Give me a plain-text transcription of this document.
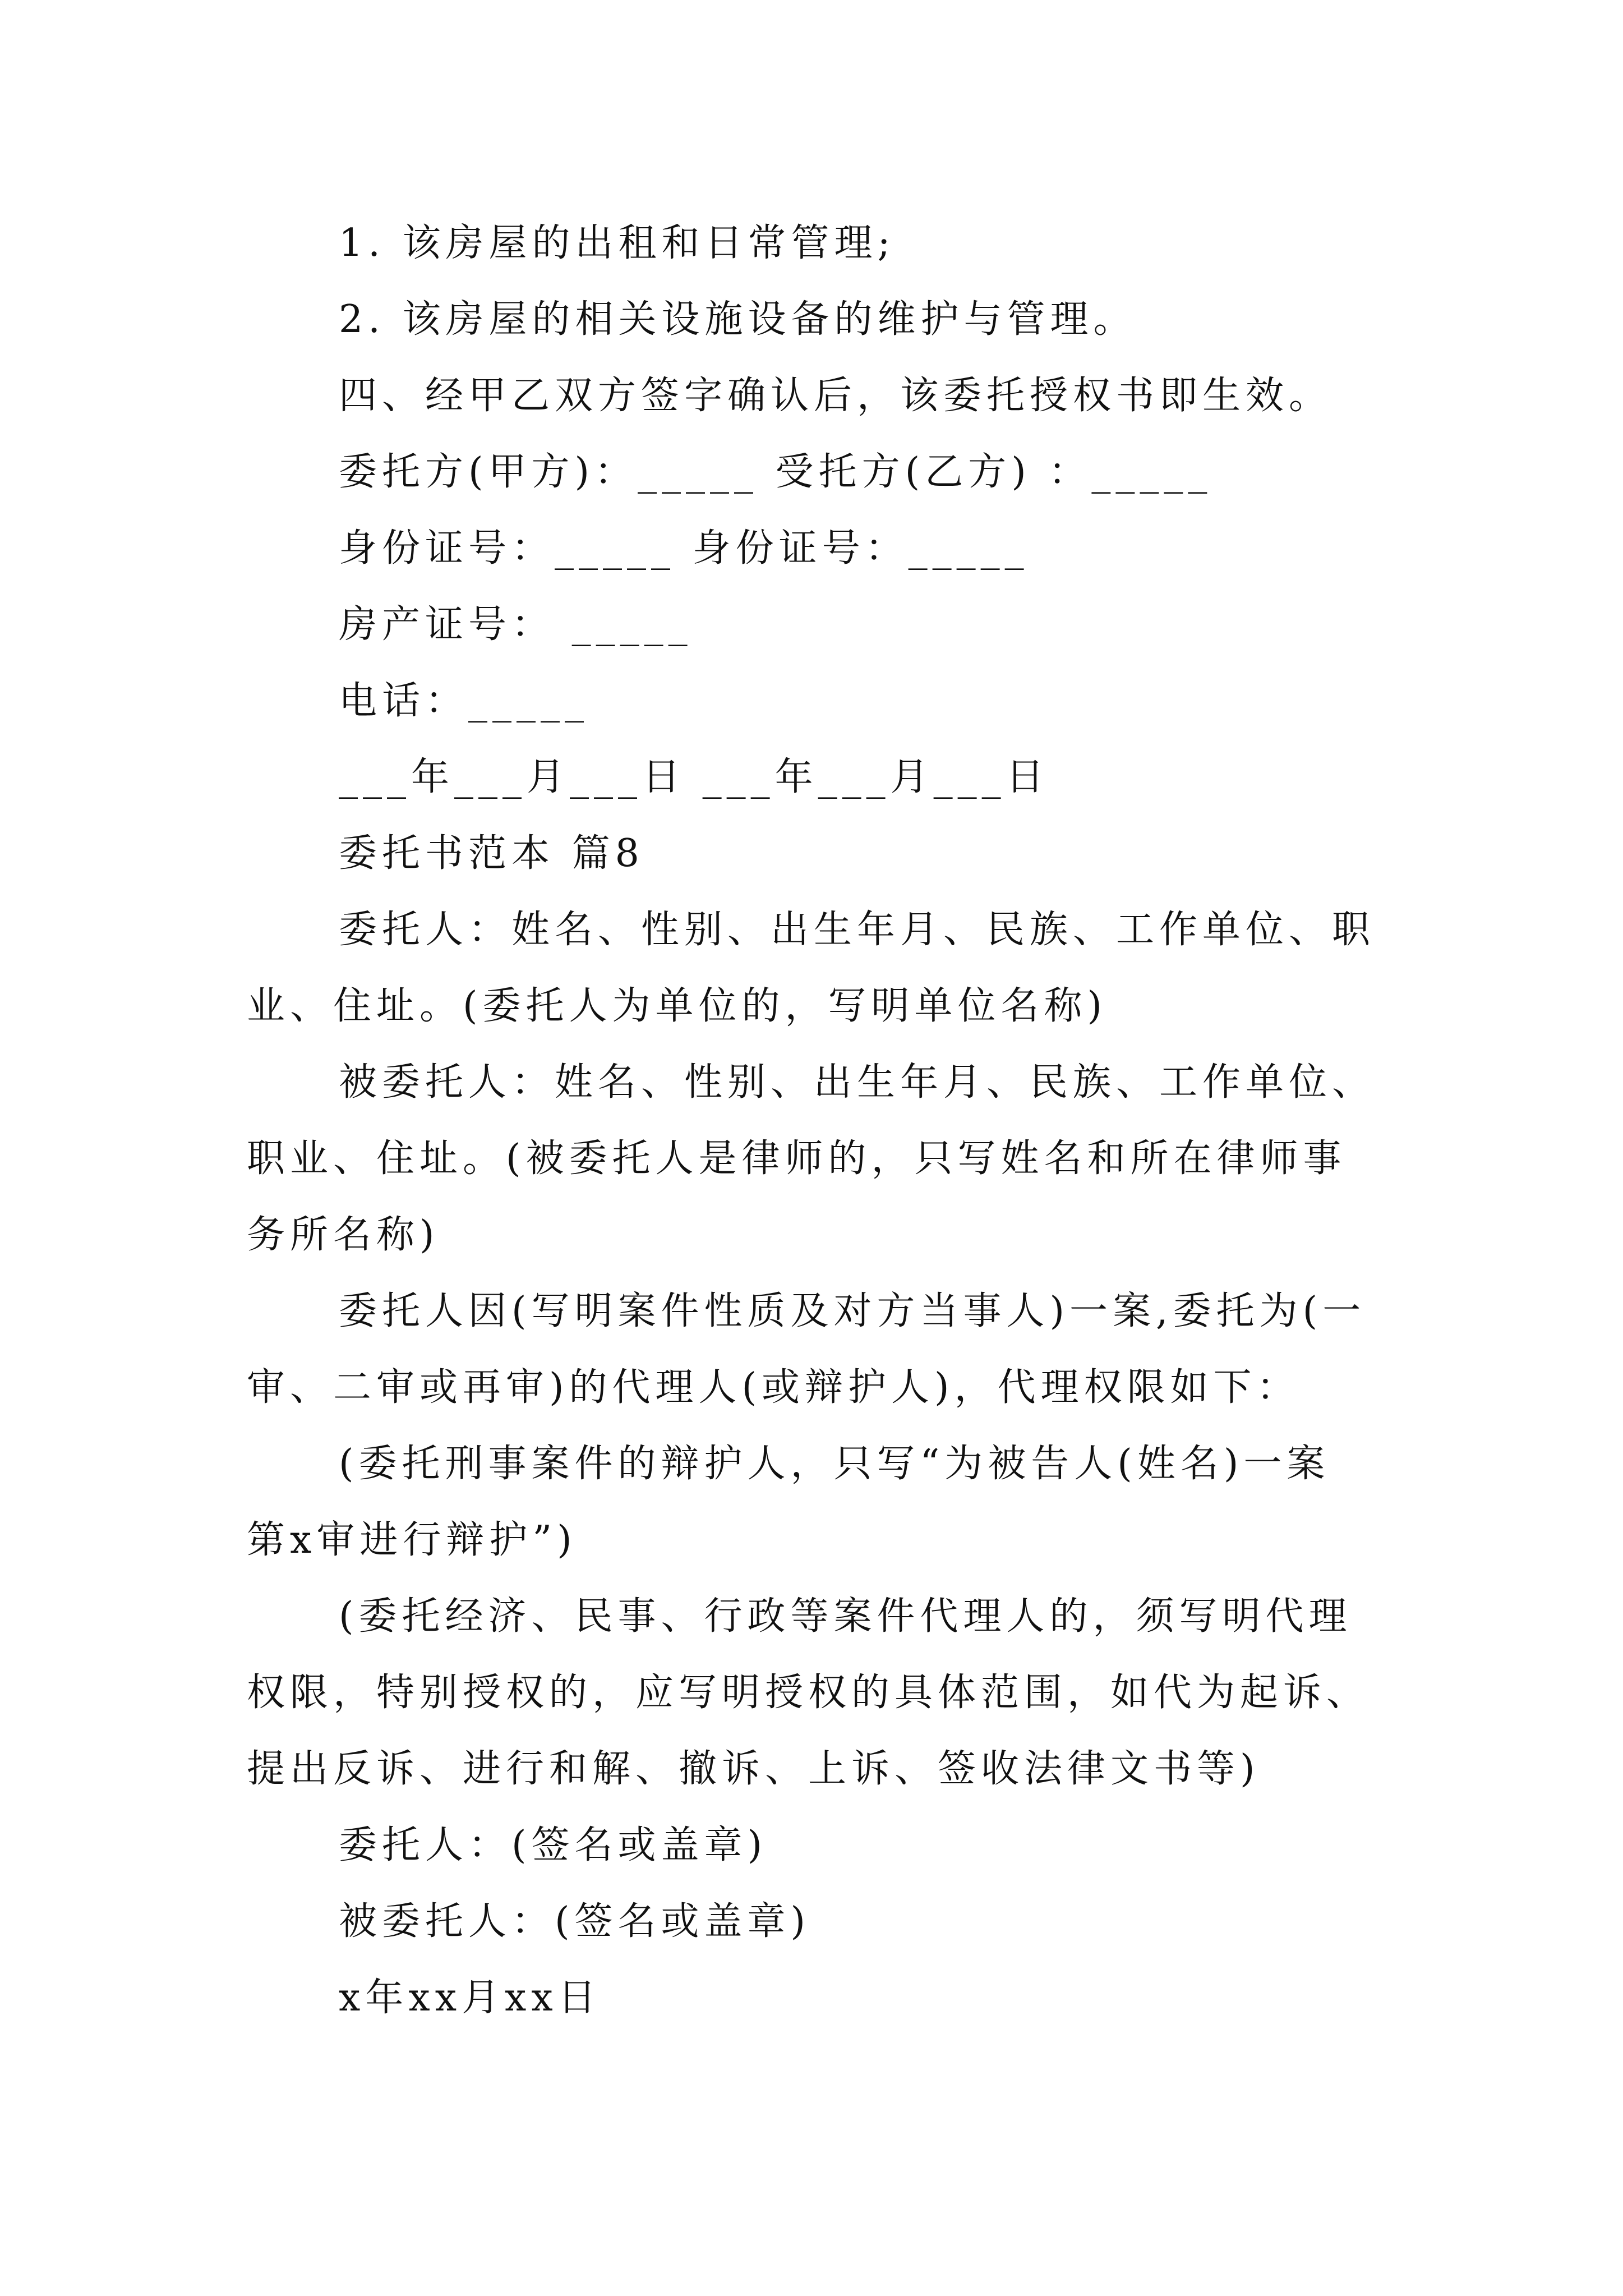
1. 该房屋的出租和日常管理;
2. 该房屋的相关设施设备的维护与管理。
四、经甲乙双方签字确认后，该委托授权书即生效。
委托方(甲方)：_____ 受托方(乙方) ：_____
身份证号：_____ 身份证号：_____
房产证号： _____
电话：_____
___年___月___日 ___年___月___日
委托书范本 篇8
委托人：姓名、性别、出生年月、民族、工作单位、职
业、住址。(委托人为单位的，写明单位名称)
被委托人：姓名、性别、出生年月、民族、工作单位、
职业、住址。(被委托人是律师的，只写姓名和所在律师事
务所名称)
委托人因(写明案件性质及对方当事人)一案,委托为(一
审、二审或再审)的代理人(或辩护人)，代理权限如下：
(委托刑事案件的辩护人，只写“为被告人(姓名)一案
第x审进行辩护”)
(委托经济、民事、行政等案件代理人的，须写明代理
权限，特别授权的，应写明授权的具体范围，如代为起诉、
提出反诉、进行和解、撤诉、上诉、签收法律文书等)
委托人：(签名或盖章)
被委托人：(签名或盖章)
x年xx月xx日
